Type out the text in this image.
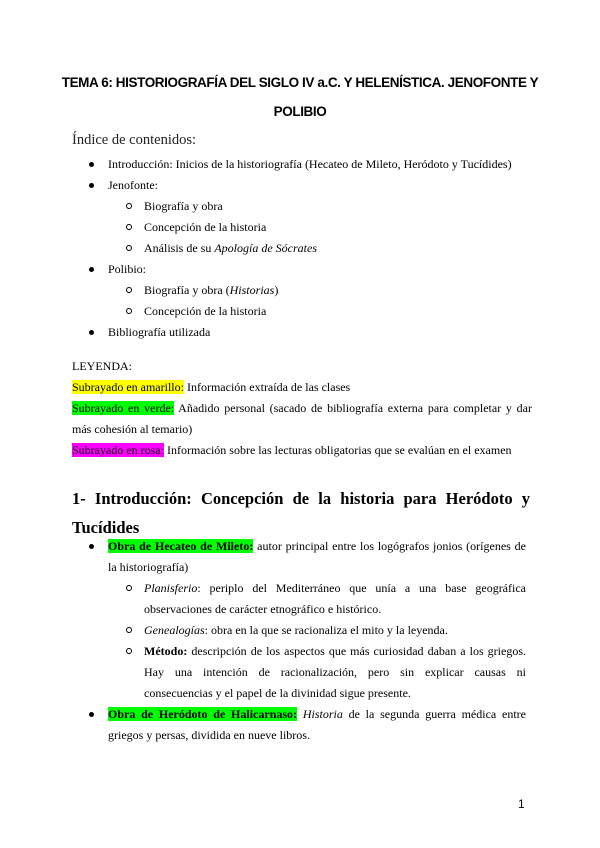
TEMA 6: HISTORIOGRAFÍA DEL SIGLO IV a.C. Y HELENÍSTICA. JENOFONTE Y
POLIBIO
Índice de contenidos:
Introducción: Inicios de la historiografía (Hecateo de Mileto, Heródoto y Tucídides)
Jenofonte:
Biografía y obra
Concepción de la historia
Análisis de su Apología de Sócrates
Polibio:
Biografía y obra (Historias)
Concepción de la historia
Bibliografía utilizada
LEYENDA:
Subrayado en amarillo: Información extraída de las clases
Subrayado en verde: Añadido personal (sacado de bibliografía externa para completar y dar más cohesión al temario)
Subrayado en rosa: Información sobre las lecturas obligatorias que se evalúan en el examen
1- Introducción: Concepción de la historia para Heródoto y Tucídides
Obra de Hecateo de Mileto: autor principal entre los logógrafos jonios (orígenes de la historiografía)
Planisferio: periplo del Mediterráneo que unía a una base geográfica observaciones de carácter etnográfico e histórico.
Genealogías: obra en la que se racionaliza el mito y la leyenda.
Método: descripción de los aspectos que más curiosidad daban a los griegos. Hay una intención de racionalización, pero sin explicar causas ni consecuencias y el papel de la divinidad sigue presente.
Obra de Heródoto de Halicarnaso: Historia de la segunda guerra médica entre griegos y persas, dividida en nueve libros.
1
